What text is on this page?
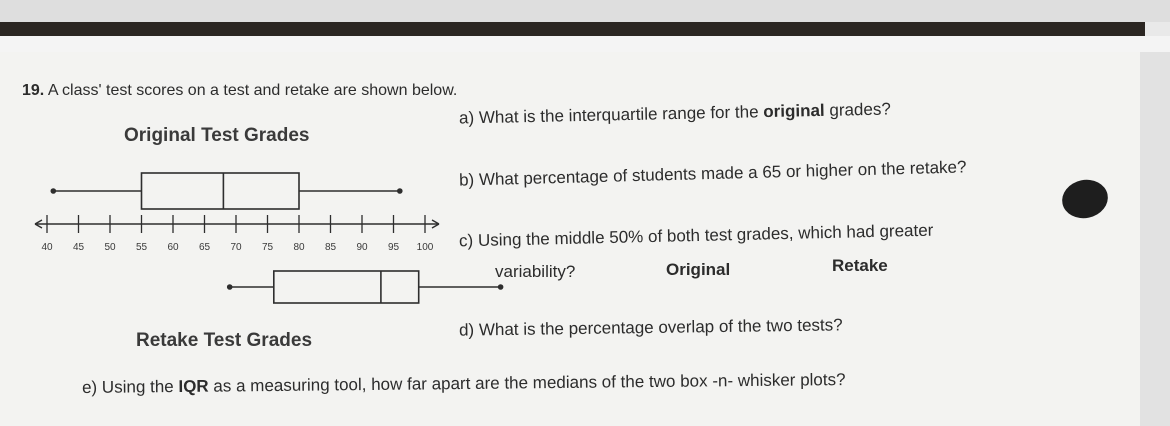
19. A class' test scores on a test and retake are shown below.
Original Test Grades
Retake Test Grades
40 45 50 55 60 65 70 75 80 85 90 95 100
a) What is the interquartile range for the original grades?
b) What percentage of students made a 65 or higher on the retake?
c) Using the middle 50% of both test grades, which had greater
variability?	Original	Retake
d) What is the percentage overlap of the two tests?
e) Using the IQR as a measuring tool, how far apart are the medians of the two box -n- whisker plots?
